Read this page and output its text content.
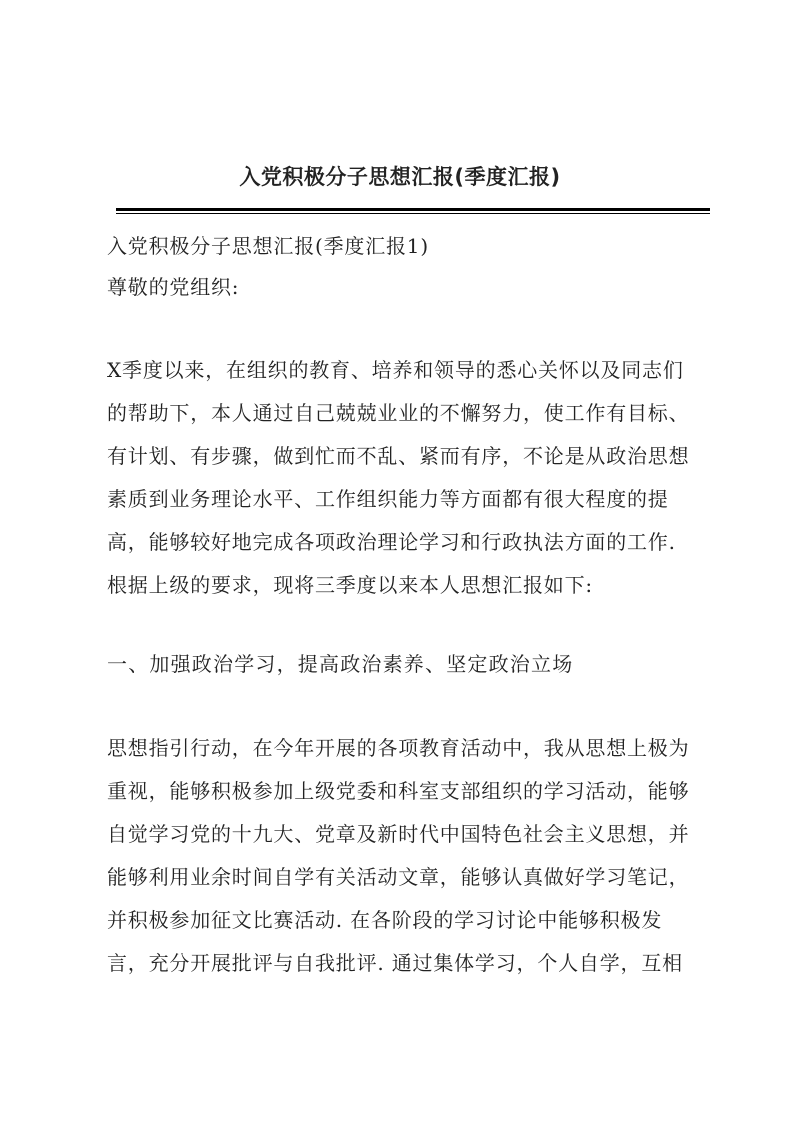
入党积极分子思想汇报(季度汇报)
入党积极分子思想汇报(季度汇报1)
尊敬的党组织:
X季度以来，在组织的教育、培养和领导的悉心关怀以及同志们
的帮助下，本人通过自己兢兢业业的不懈努力，使工作有目标、
有计划、有步骤，做到忙而不乱、紧而有序，不论是从政治思想
素质到业务理论水平、工作组织能力等方面都有很大程度的提
高，能够较好地完成各项政治理论学习和行政执法方面的工作.
根据上级的要求，现将三季度以来本人思想汇报如下:
一、加强政治学习，提高政治素养、坚定政治立场
思想指引行动，在今年开展的各项教育活动中，我从思想上极为
重视，能够积极参加上级党委和科室支部组织的学习活动，能够
自觉学习党的十九大、党章及新时代中国特色社会主义思想，并
能够利用业余时间自学有关活动文章，能够认真做好学习笔记，
并积极参加征文比赛活动. 在各阶段的学习讨论中能够积极发
言，充分开展批评与自我批评. 通过集体学习，个人自学，互相
